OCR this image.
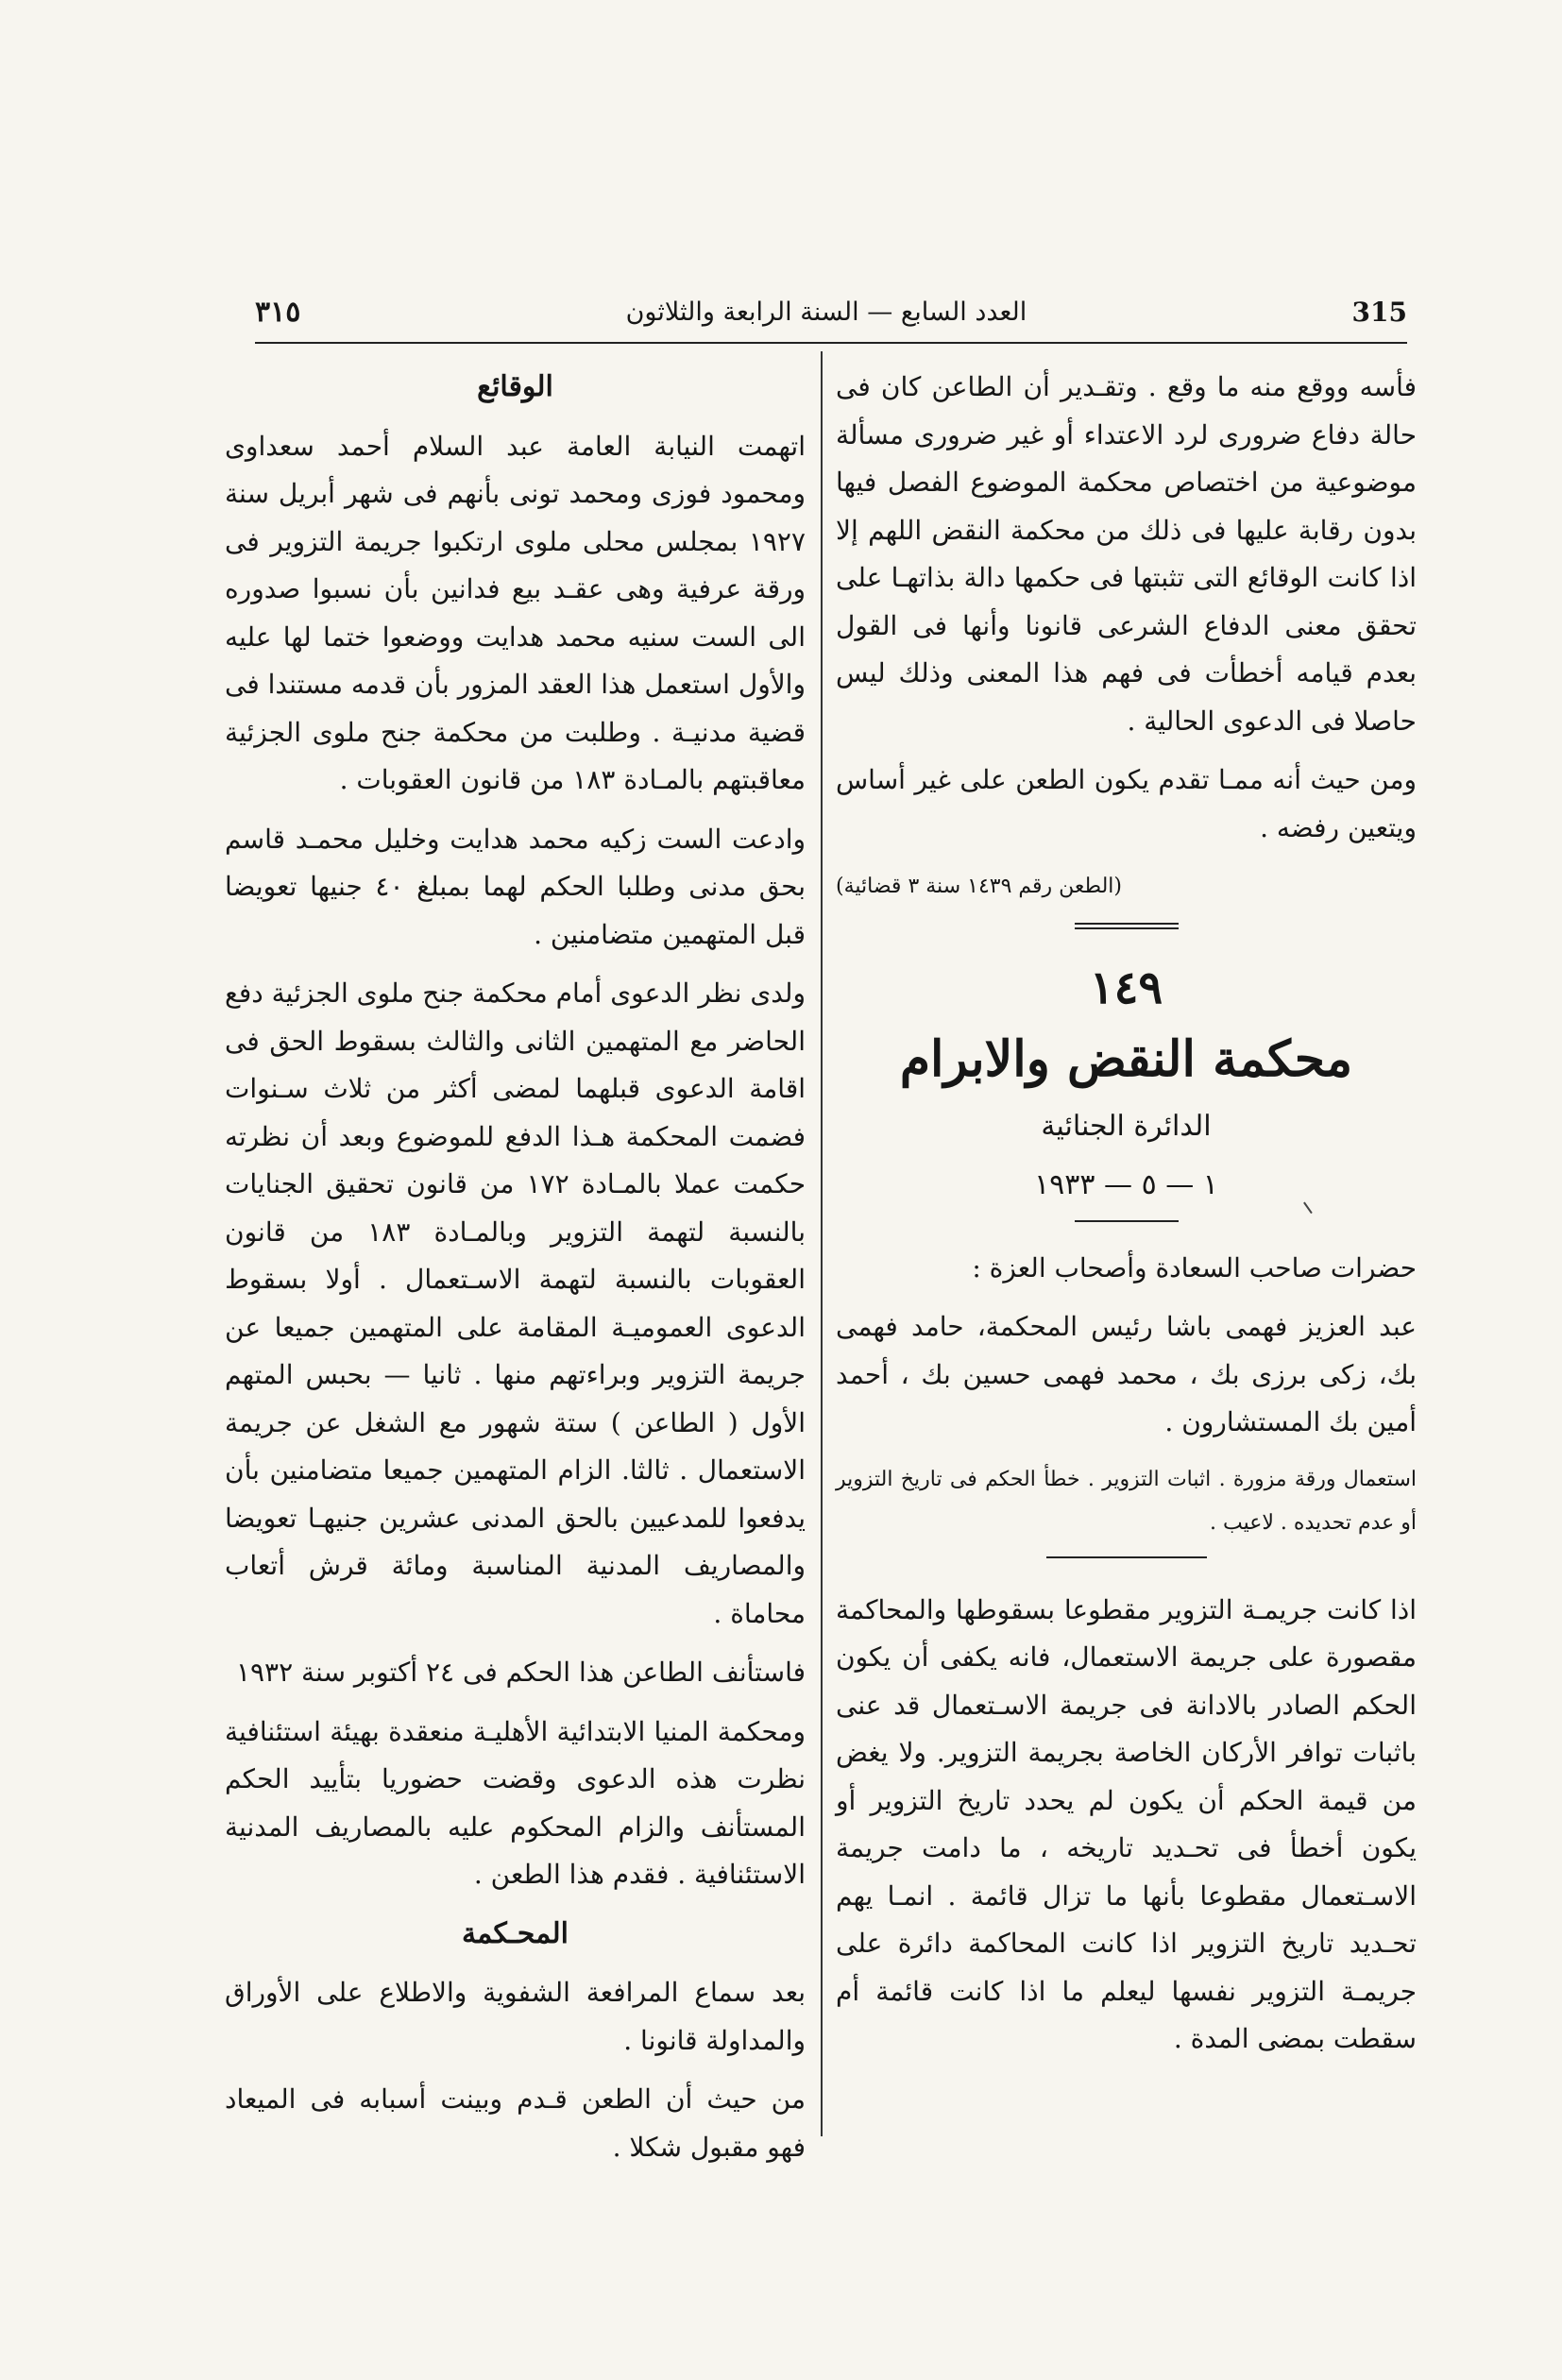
٣١٥	العدد السابع — السنة الرابعة والثلاثون	315

فأسه ووقع منه ما وقع . وتقـدير أن الطاعن كان فى حالة دفاع ضرورى لرد الاعتداء أو غير ضرورى مسألة موضوعية من اختصاص محكمة الموضوع الفصل فيها بدون رقابة عليها فى ذلك من محكمة النقض اللهم إلا اذا كانت الوقائع التى تثبتها فى حكمها دالة بذاتهـا على تحقق معنى الدفاع الشرعى قانونا وأنها فى القول بعدم قيامه أخطأت فى فهم هذا المعنى وذلك ليس حاصلا فى الدعوى الحالية .

ومن حيث أنه ممـا تقدم يكون الطعن على غير أساس ويتعين رفضه .

(الطعن رقم ١٤٣٩ سنة ٣ قضائية)

١٤٩

محكمة النقض والابرام

الدائرة الجنائية

١ — ٥ — ١٩٣٣

حضرات صاحب السعادة وأصحاب العزة :

عبد العزيز فهمى باشا رئيس المحكمة، حامد فهمى بك، زكى برزى بك ، محمد فهمى حسين بك ، أحمد أمين بك المستشارون .

استعمال ورقة مزورة . اثبات التزوير . خطأ الحكم فى تاريخ التزوير أو عدم تحديده . لاعيب .

اذا كانت جريمـة التزوير مقطوعا بسقوطها والمحاكمة مقصورة على جريمة الاستعمال، فانه يكفى أن يكون الحكم الصادر بالادانة فى جريمة الاسـتعمال قد عنى باثبات توافر الأركان الخاصة بجريمة التزوير. ولا يغض من قيمة الحكم أن يكون لم يحدد تاريخ التزوير أو يكون أخطأ فى تحـديد تاريخه ، ما دامت جريمة الاسـتعمال مقطوعا بأنها ما تزال قائمة . انمـا يهم تحـديد تاريخ التزوير اذا كانت المحاكمة دائرة على جريمـة التزوير نفسها ليعلم ما اذا كانت قائمة أم سقطت بمضى المدة .

الوقائع

اتهمت النيابة العامة عبد السلام أحمد سعداوى ومحمود فوزى ومحمد تونى بأنهم فى شهر أبريل سنة ١٩٢٧ بمجلس محلى ملوى ارتكبوا جريمة التزوير فى ورقة عرفية وهى عقـد بيع فدانين بأن نسبوا صدوره الى الست سنيه محمد هدايت ووضعوا ختما لها عليه والأول استعمل هذا العقد المزور بأن قدمه مستندا فى قضية مدنيـة . وطلبت من محكمة جنح ملوى الجزئية معاقبتهم بالمـادة ١٨٣ من قانون العقوبات .

وادعت الست زكيه محمد هدايت وخليل محمـد قاسم بحق مدنى وطلبا الحكم لهما بمبلغ ٤٠ جنيها تعويضا قبل المتهمين متضامنين .

ولدى نظر الدعوى أمام محكمة جنح ملوى الجزئية دفع الحاضر مع المتهمين الثانى والثالث بسقوط الحق فى اقامة الدعوى قبلهما لمضى أكثر من ثلاث سـنوات فضمت المحكمة هـذا الدفع للموضوع وبعد أن نظرته حكمت عملا بالمـادة ١٧٢ من قانون تحقيق الجنايات بالنسبة لتهمة التزوير وبالمـادة ١٨٣ من قانون العقوبات بالنسبة لتهمة الاسـتعمال . أولا بسقوط الدعوى العموميـة المقامة على المتهمين جميعا عن جريمة التزوير وبراءتهم منها . ثانيا — بحبس المتهم الأول ( الطاعن ) ستة شهور مع الشغل عن جريمة الاستعمال . ثالثا. الزام المتهمين جميعا متضامنين بأن يدفعوا للمدعيين بالحق المدنى عشرين جنيهـا تعويضا والمصاريف المدنية المناسبة ومائة قرش أتعاب محاماة .

فاستأنف الطاعن هذا الحكم فى ٢٤ أكتوبر سنة ١٩٣٢

ومحكمة المنيا الابتدائية الأهليـة منعقدة بهيئة استئنافية نظرت هذه الدعوى وقضت حضوريا بتأييد الحكم المستأنف والزام المحكوم عليه بالمصاريف المدنية الاستئنافية . فقدم هذا الطعن .

المحـكمة

بعد سماع المرافعة الشفوية والاطلاع على الأوراق والمداولة قانونا .

من حيث أن الطعن قـدم وبينت أسبابه فى الميعاد فهو مقبول شكلا .
